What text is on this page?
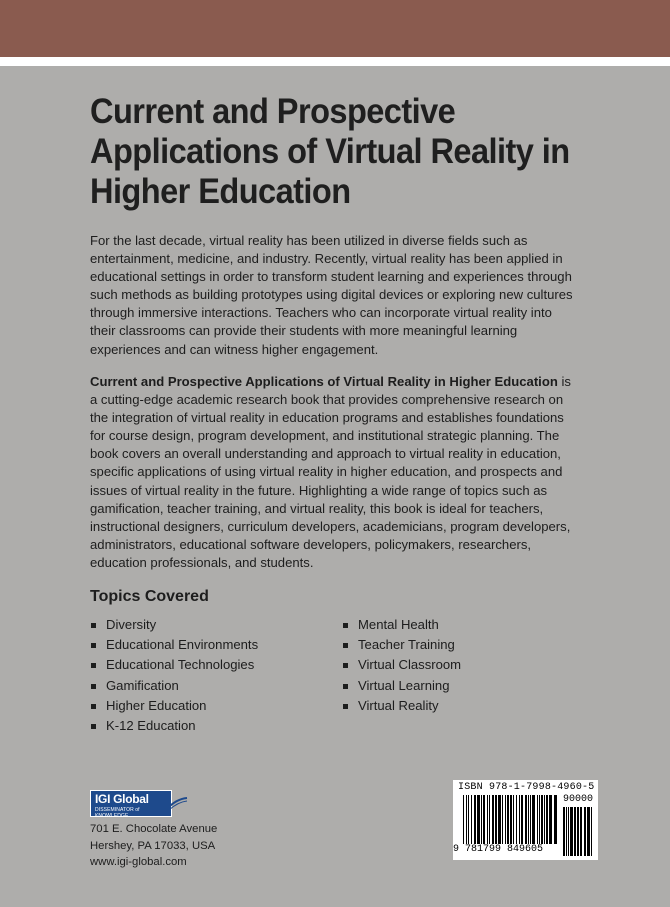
Current and Prospective Applications of Virtual Reality in Higher Education

For the last decade, virtual reality has been utilized in diverse fields such as entertainment, medicine, and industry. Recently, virtual reality has been applied in educational settings in order to transform student learning and experiences through such methods as building prototypes using digital devices or exploring new cultures through immersive interactions. Teachers who can incorporate virtual reality into their classrooms can provide their students with more meaningful learning experiences and can witness higher engagement.

Current and Prospective Applications of Virtual Reality in Higher Education is a cutting-edge academic research book that provides comprehensive research on the integration of virtual reality in education programs and establishes foundations for course design, program development, and institutional strategic planning. The book covers an overall understanding and approach to virtual reality in education, specific applications of using virtual reality in higher education, and prospects and issues of virtual reality in the future. Highlighting a wide range of topics such as gamification, teacher training, and virtual reality, this book is ideal for teachers, instructional designers, curriculum developers, academicians, program developers, administrators, educational software developers, policymakers, researchers, education professionals, and students.

Topics Covered
Diversity
Educational Environments
Educational Technologies
Gamification
Higher Education
K-12 Education
Mental Health
Teacher Training
Virtual Classroom
Virtual Learning
Virtual Reality
IGI Global
DISSEMINATOR of KNOWLEDGE

701 E. Chocolate Avenue
Hershey, PA 17033, USA
www.igi-global.com

ISBN 978-1-7998-4960-5
90000
9 781799 849605
